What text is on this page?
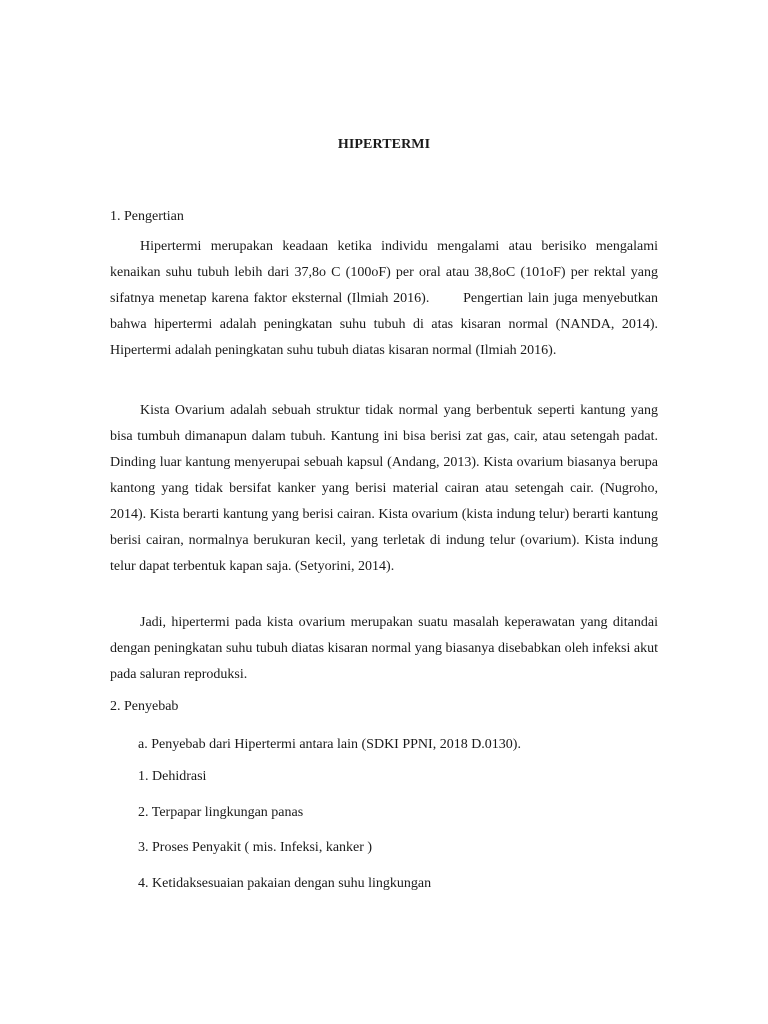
HIPERTERMI
1. Pengertian
Hipertermi merupakan keadaan ketika individu mengalami atau berisiko mengalami kenaikan suhu tubuh lebih dari 37,8o C (100oF) per oral atau 38,8oC (101oF) per rektal yang sifatnya menetap karena faktor eksternal (Ilmiah 2016).       Pengertian lain juga menyebutkan bahwa hipertermi adalah peningkatan suhu tubuh di atas kisaran normal (NANDA, 2014). Hipertermi adalah peningkatan suhu tubuh diatas kisaran normal (Ilmiah 2016).
Kista Ovarium adalah sebuah struktur tidak normal yang berbentuk seperti kantung yang bisa tumbuh dimanapun dalam tubuh. Kantung ini bisa berisi zat gas, cair, atau setengah padat. Dinding luar kantung menyerupai sebuah kapsul (Andang, 2013). Kista ovarium biasanya berupa kantong yang tidak bersifat kanker yang berisi material cairan atau setengah cair. (Nugroho, 2014). Kista berarti kantung yang berisi cairan. Kista ovarium (kista indung telur) berarti kantung berisi cairan, normalnya berukuran kecil, yang terletak di indung telur (ovarium). Kista indung telur dapat terbentuk kapan saja. (Setyorini, 2014).
Jadi, hipertermi pada kista ovarium merupakan suatu masalah keperawatan yang ditandai dengan peningkatan suhu tubuh diatas kisaran normal yang biasanya disebabkan oleh infeksi akut pada saluran reproduksi.
2. Penyebab
a. Penyebab dari Hipertermi antara lain (SDKI PPNI, 2018 D.0130).
1. Dehidrasi
2. Terpapar lingkungan panas
3. Proses Penyakit ( mis. Infeksi, kanker )
4. Ketidaksesuaian pakaian dengan suhu lingkungan
